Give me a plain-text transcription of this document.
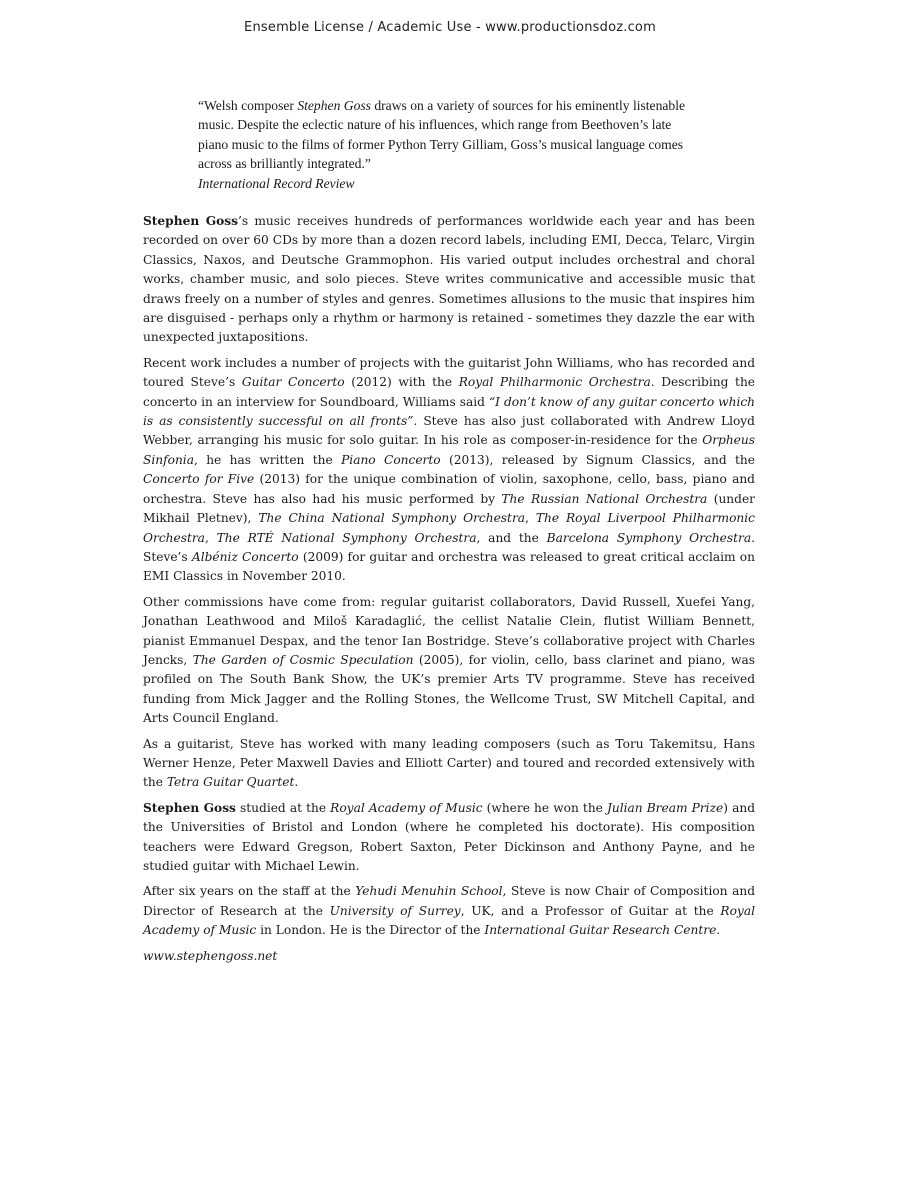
Ensemble License / Academic Use - www.productionsdoz.com

“Welsh composer Stephen Goss draws on a variety of sources for his eminently listenable music. Despite the eclectic nature of his influences, which range from Beethoven’s late piano music to the films of former Python Terry Gilliam, Goss’s musical language comes across as brilliantly integrated.”

International Record Review

Stephen Goss’s music receives hundreds of performances worldwide each year and has been recorded on over 60 CDs by more than a dozen record labels, including EMI, Decca, Telarc, Virgin Classics, Naxos, and Deutsche Grammophon. His varied output includes orchestral and choral works, chamber music, and solo pieces. Steve writes communicative and accessible music that draws freely on a number of styles and genres. Sometimes allusions to the music that inspires him are disguised - perhaps only a rhythm or harmony is retained - sometimes they dazzle the ear with unexpected juxtapositions.

Recent work includes a number of projects with the guitarist John Williams, who has recorded and toured Steve’s Guitar Concerto (2012) with the Royal Philharmonic Orchestra. Describing the concerto in an interview for Soundboard, Williams said “I don’t know of any guitar concerto which is as consistently successful on all fronts”. Steve has also just collaborated with Andrew Lloyd Webber, arranging his music for solo guitar. In his role as composer-in-residence for the Orpheus Sinfonia, he has written the Piano Concerto (2013), released by Signum Classics, and the Concerto for Five (2013) for the unique combination of violin, saxophone, cello, bass, piano and orchestra. Steve has also had his music performed by The Russian National Orchestra (under Mikhail Pletnev), The China National Symphony Orchestra, The Royal Liverpool Philharmonic Orchestra, The RTÉ National Symphony Orchestra, and the Barcelona Symphony Orchestra. Steve’s Albéniz Concerto (2009) for guitar and orchestra was released to great critical acclaim on EMI Classics in November 2010.

Other commissions have come from: regular guitarist collaborators, David Russell, Xuefei Yang, Jonathan Leathwood and Miloš Karadaglić, the cellist Natalie Clein, flutist William Bennett, pianist Emmanuel Despax, and the tenor Ian Bostridge. Steve’s collaborative project with Charles Jencks, The Garden of Cosmic Speculation (2005), for violin, cello, bass clarinet and piano, was profiled on The South Bank Show, the UK’s premier Arts TV programme. Steve has received funding from Mick Jagger and the Rolling Stones, the Wellcome Trust, SW Mitchell Capital, and Arts Council England.

As a guitarist, Steve has worked with many leading composers (such as Toru Takemitsu, Hans Werner Henze, Peter Maxwell Davies and Elliott Carter) and toured and recorded extensively with the Tetra Guitar Quartet.

Stephen Goss studied at the Royal Academy of Music (where he won the Julian Bream Prize) and the Universities of Bristol and London (where he completed his doctorate). His composition teachers were Edward Gregson, Robert Saxton, Peter Dickinson and Anthony Payne, and he studied guitar with Michael Lewin.

After six years on the staff at the Yehudi Menuhin School, Steve is now Chair of Composition and Director of Research at the University of Surrey, UK, and a Professor of Guitar at the Royal Academy of Music in London. He is the Director of the International Guitar Research Centre.

www.stephengoss.net
